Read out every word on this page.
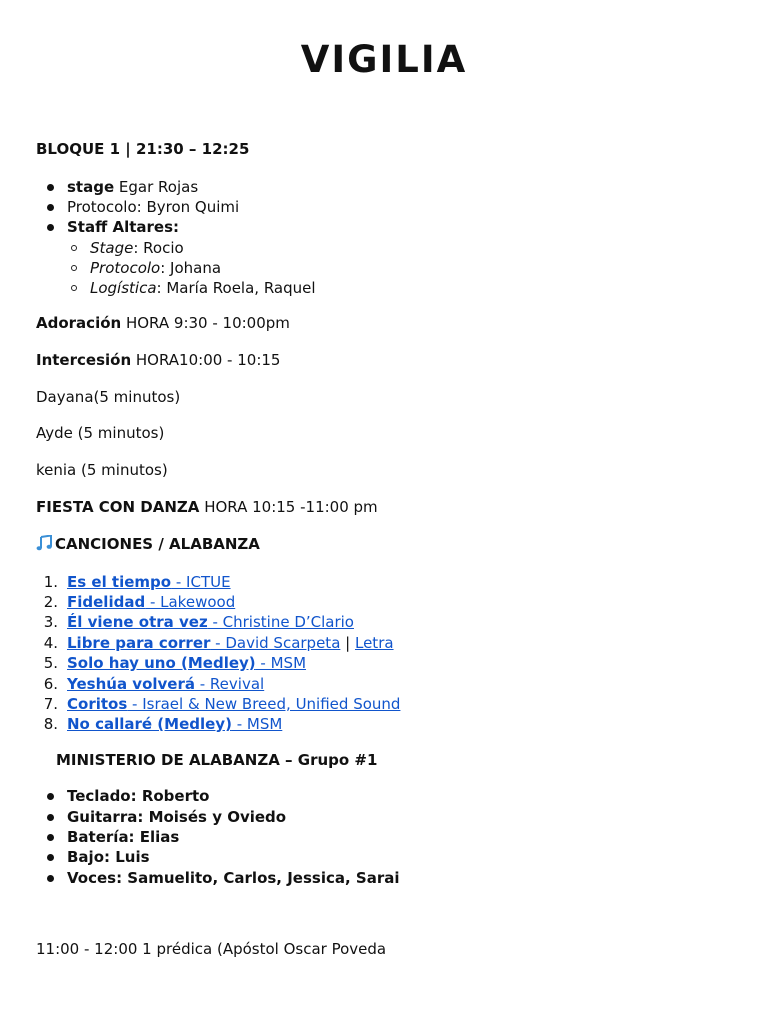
VIGILIA
BLOQUE 1 | 21:30 – 12:25
stage Egar Rojas
Protocolo: Byron Quimi
Staff Altares:
Stage: Rocio
Protocolo: Johana
Logística: María Roela, Raquel
Adoración HORA 9:30 - 10:00pm
Intercesión HORA10:00 - 10:15
Dayana(5 minutos)
Ayde (5 minutos)
kenia (5 minutos)
FIESTA CON DANZA HORA 10:15 -11:00 pm
CANCIONES / ALABANZA
1. Es el tiempo - ICTUE
2. Fidelidad - Lakewood
3. Él viene otra vez - Christine D’Clario
4. Libre para correr - David Scarpeta | Letra
5. Solo hay uno (Medley) - MSM
6. Yeshúa volverá - Revival
7. Coritos - Israel & New Breed, Unified Sound
8. No callaré (Medley) - MSM
MINISTERIO DE ALABANZA – Grupo #1
Teclado: Roberto
Guitarra: Moisés y Oviedo
Batería: Elias
Bajo: Luis
Voces: Samuelito, Carlos, Jessica, Sarai
11:00 - 12:00 1 prédica (Apóstol Oscar Poveda
